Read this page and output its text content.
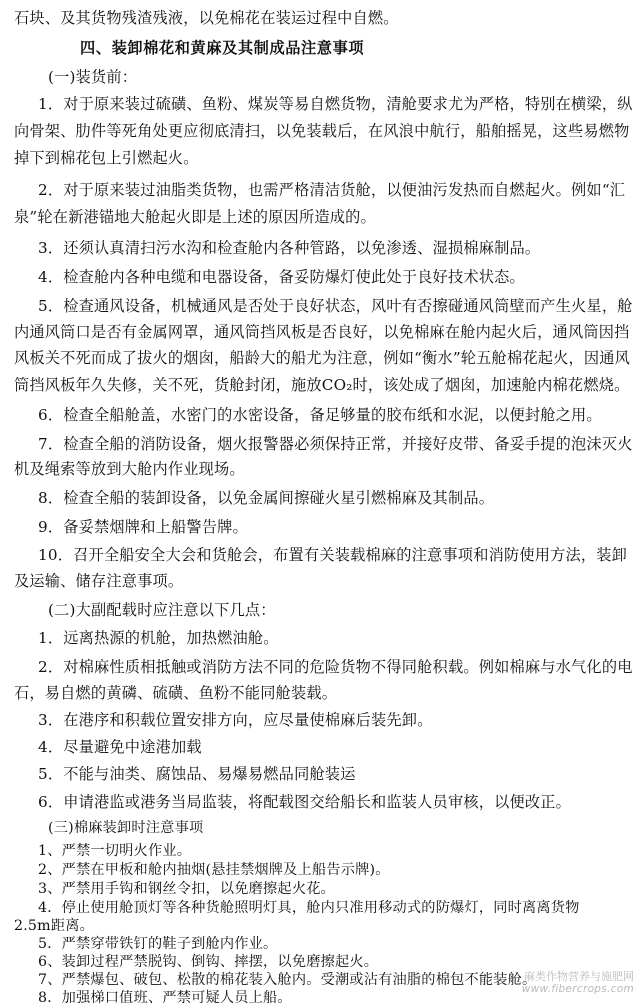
石块、及其货物残渣残液，以免棉花在装运过程中自燃。
四、装卸棉花和黄麻及其制成品注意事项
(一)装货前：
1．对于原来装过硫磺、鱼粉、煤炭等易自燃货物，清舱要求尤为严格，特别在横梁，纵
向骨架、肋件等死角处更应彻底清扫，以免装载后，在风浪中航行，船舶摇晃，这些易燃物
掉下到棉花包上引燃起火。
2．对于原来装过油脂类货物，也需严格清洁货舱，以便油污发热而自燃起火。例如“汇
泉”轮在新港锚地大舱起火即是上述的原因所造成的。
3．还须认真清扫污水沟和检查舱内各种管路，以免渗透、湿损棉麻制品。
4．检查舱内各种电缆和电器设备，备妥防爆灯使此处于良好技术状态。
5．检查通风设备，机械通风是否处于良好状态，风叶有否擦碰通风筒壁而产生火星，舱
内通风筒口是否有金属网罩，通风筒挡风板是否良好，以免棉麻在舱内起火后，通风筒因挡
风板关不死而成了拔火的烟囱，船龄大的船尤为注意，例如“衡水”轮五舱棉花起火，因通风
筒挡风板年久失修，关不死，货舱封闭，施放CO₂时，该处成了烟囱，加速舱内棉花燃烧。
6．检查全船舱盖，水密门的水密设备，备足够量的胶布纸和水泥，以便封舱之用。
7．检查全船的消防设备，烟火报警器必须保持正常，并接好皮带、备妥手提的泡沫灭火
机及绳索等放到大舱内作业现场。
8．检查全船的装卸设备，以免金属间擦碰火星引燃棉麻及其制品。
9．备妥禁烟牌和上船警告牌。
10．召开全船安全大会和货舱会，布置有关装载棉麻的注意事项和消防使用方法，装卸
及运输、储存注意事项。
(二)大副配载时应注意以下几点：
1．远离热源的机舱，加热燃油舱。
2．对棉麻性质相抵触或消防方法不同的危险货物不得同舱积载。例如棉麻与水气化的电
石，易自燃的黄磷、硫磺、鱼粉不能同舱装载。
3．在港序和积载位置安排方向，应尽量使棉麻后装先卸。
4．尽量避免中途港加载
5．不能与油类、腐蚀品、易爆易燃品同舱装运
6．申请港监或港务当局监装，将配载图交给船长和监装人员审核，以便改正。
(三)棉麻装卸时注意事项
1、严禁一切明火作业。
2、严禁在甲板和舱内抽烟(悬挂禁烟牌及上船告示牌)。
3、严禁用手钩和钢丝令扣，以免磨擦起火花。
4．停止使用舱顶灯等各种货舱照明灯具，舱内只准用移动式的防爆灯，同时离离货物
2.5m距离。
5．严禁穿带铁钉的鞋子到舱内作业。
6、装卸过程严禁脱钩、倒钩、摔摆，以免磨擦起火。
7、严禁爆包、破包、松散的棉花装入舱内。受潮或沾有油脂的棉包不能装舱。
8．加强梯口值班、严禁可疑人员上船。
麻类作物营养与施肥网
www.fibercrops.com
